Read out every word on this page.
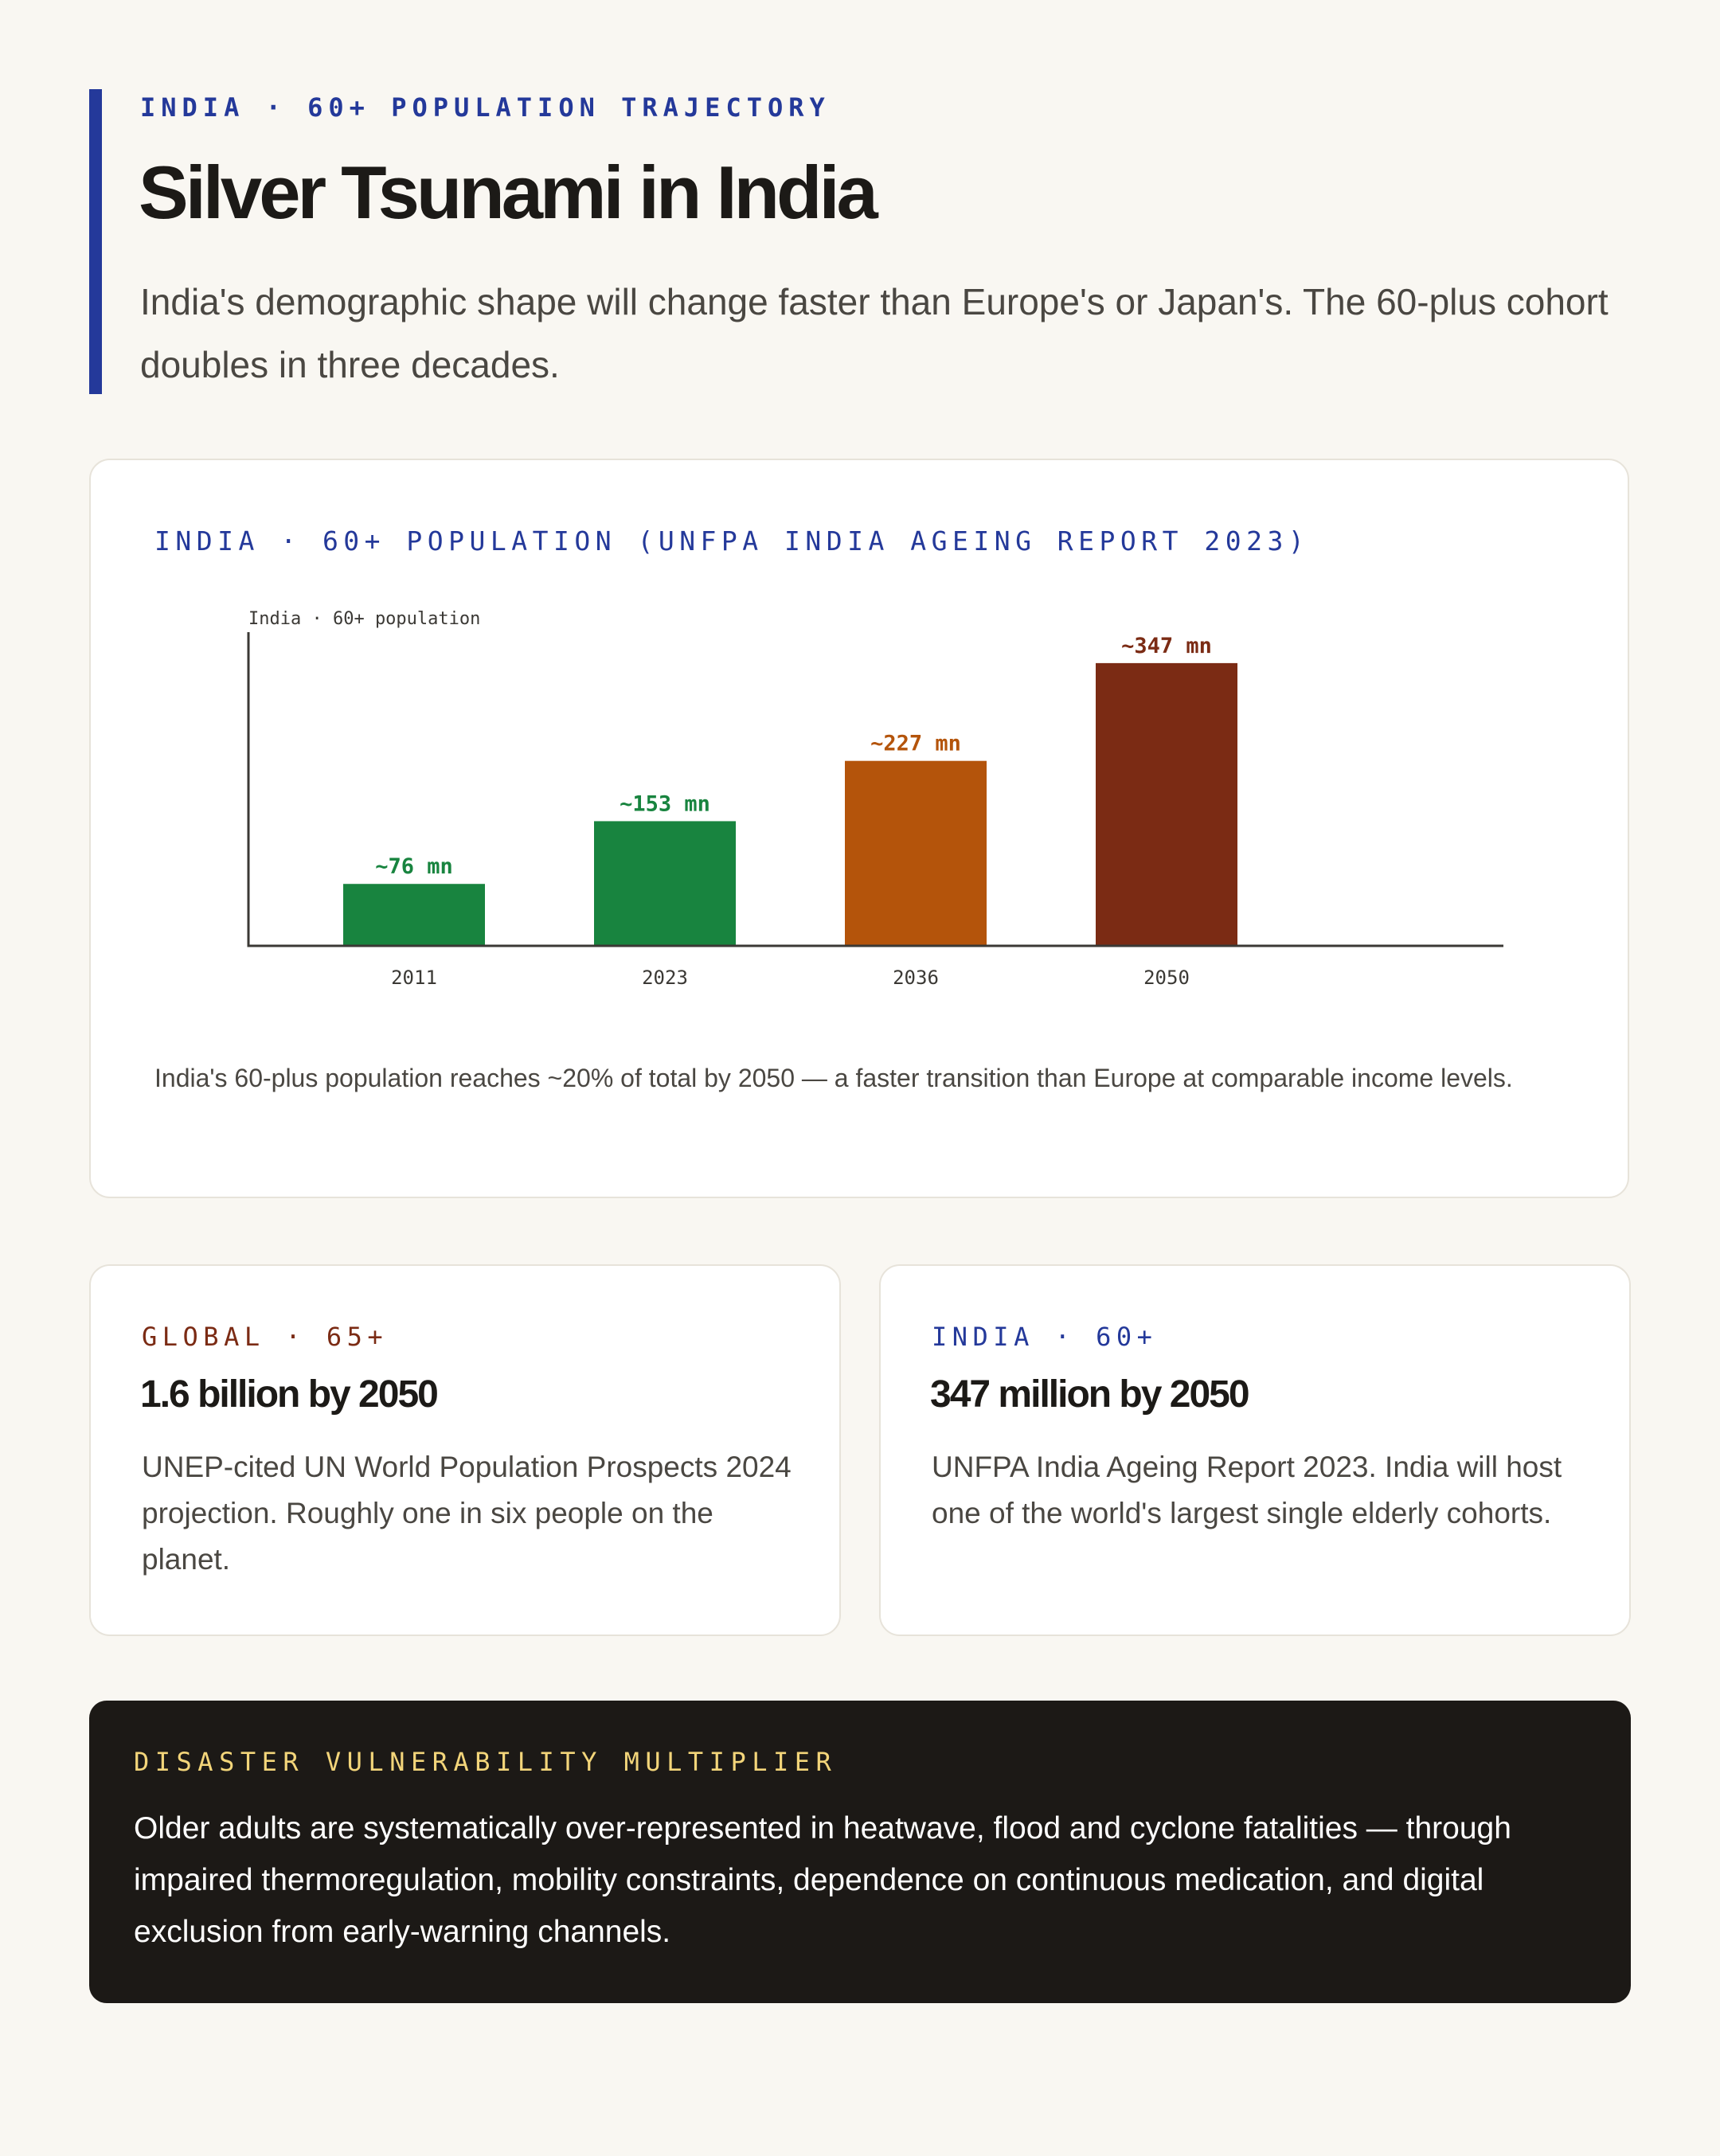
INDIA · 60+ POPULATION TRAJECTORY
Silver Tsunami in India

India's demographic shape will change faster than Europe's or Japan's. The 60-plus cohort doubles in three decades.

INDIA · 60+ POPULATION (UNFPA INDIA AGEING REPORT 2023)
India · 60+ population
~76 mn
2011
~153 mn
2023
~227 mn
2036
~347 mn
2050

India's 60-plus population reaches ~20% of total by 2050 — a faster transition than Europe at comparable income levels.

GLOBAL · 65+
1.6 billion by 2050

UNEP-cited UN World Population Prospects 2024 projection. Roughly one in six people on the planet.

INDIA · 60+
347 million by 2050

UNFPA India Ageing Report 2023. India will host one of the world's largest single elderly cohorts.

DISASTER VULNERABILITY MULTIPLIER

Older adults are systematically over-represented in heatwave, flood and cyclone fatalities — through impaired thermoregulation, mobility constraints, dependence on continuous medication, and digital exclusion from early-warning channels.
